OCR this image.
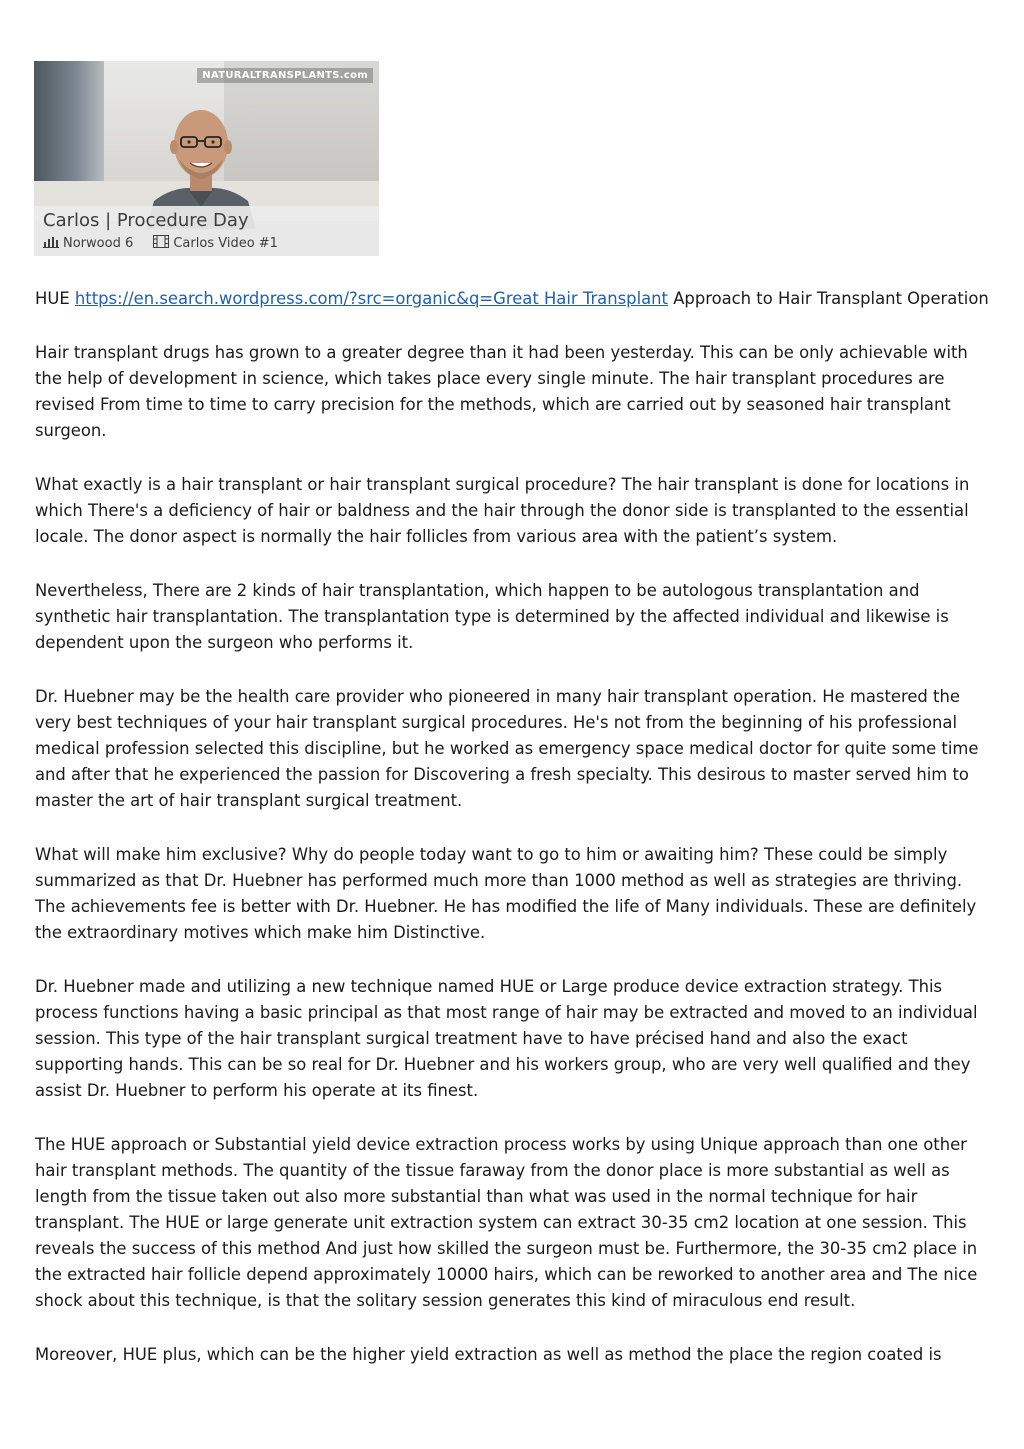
NATURALTRANSPLANTS.com
Carlos | Procedure Day
Norwood 6	Carlos Video #1

HUE https://en.search.wordpress.com/?src=organic&q=Great Hair Transplant Approach to Hair Transplant Operation

Hair transplant drugs has grown to a greater degree than it had been yesterday. This can be only achievable with the help of development in science, which takes place every single minute. The hair transplant procedures are revised From time to time to carry precision for the methods, which are carried out by seasoned hair transplant surgeon.

What exactly is a hair transplant or hair transplant surgical procedure? The hair transplant is done for locations in which There's a deficiency of hair or baldness and the hair through the donor side is transplanted to the essential locale. The donor aspect is normally the hair follicles from various area with the patient’s system.

Nevertheless, There are 2 kinds of hair transplantation, which happen to be autologous transplantation and synthetic hair transplantation. The transplantation type is determined by the affected individual and likewise is dependent upon the surgeon who performs it.

Dr. Huebner may be the health care provider who pioneered in many hair transplant operation. He mastered the very best techniques of your hair transplant surgical procedures. He's not from the beginning of his professional medical profession selected this discipline, but he worked as emergency space medical doctor for quite some time and after that he experienced the passion for Discovering a fresh specialty. This desirous to master served him to master the art of hair transplant surgical treatment.

What will make him exclusive? Why do people today want to go to him or awaiting him? These could be simply summarized as that Dr. Huebner has performed much more than 1000 method as well as strategies are thriving. The achievements fee is better with Dr. Huebner. He has modified the life of Many individuals. These are definitely the extraordinary motives which make him Distinctive.

Dr. Huebner made and utilizing a new technique named HUE or Large produce device extraction strategy. This process functions having a basic principal as that most range of hair may be extracted and moved to an individual session. This type of the hair transplant surgical treatment have to have précised hand and also the exact supporting hands. This can be so real for Dr. Huebner and his workers group, who are very well qualified and they assist Dr. Huebner to perform his operate at its finest.

The HUE approach or Substantial yield device extraction process works by using Unique approach than one other hair transplant methods. The quantity of the tissue faraway from the donor place is more substantial as well as length from the tissue taken out also more substantial than what was used in the normal technique for hair transplant. The HUE or large generate unit extraction system can extract 30-35 cm2 location at one session. This reveals the success of this method And just how skilled the surgeon must be. Furthermore, the 30-35 cm2 place in the extracted hair follicle depend approximately 10000 hairs, which can be reworked to another area and The nice shock about this technique, is that the solitary session generates this kind of miraculous end result.

Moreover, HUE plus, which can be the higher yield extraction as well as method the place the region coated is
